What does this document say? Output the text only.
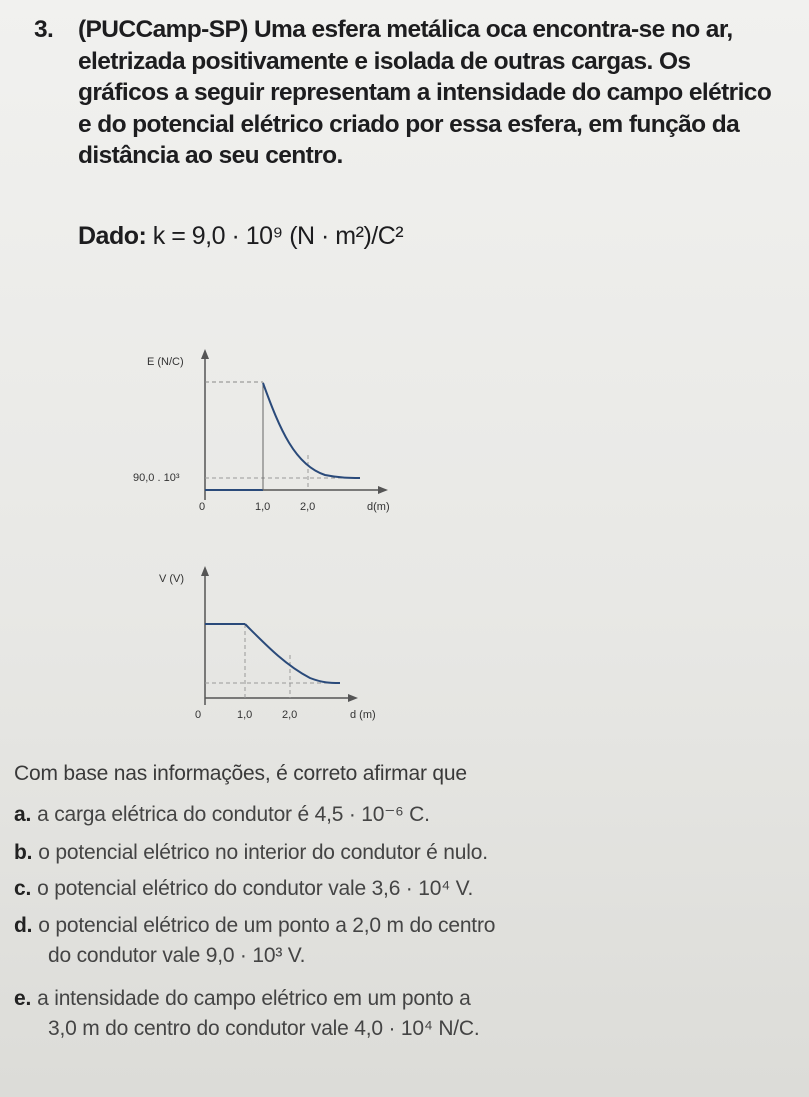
3.	(PUCCamp-SP) Uma esfera metálica oca encontra-se no ar, eletrizada positivamente e isolada de outras cargas. Os gráficos a seguir representam a intensidade do campo elétrico e do potencial elétrico criado por essa esfera, em função da distância ao seu centro.
Dado: k = 9,0 · 10⁹ (N · m²)/C²
E (N/C)
90,0 . 10³
0	1,0	2,0	d(m)
V (V)
0	1,0	2,0	d (m)
Com base nas informações, é correto afirmar que
a. a carga elétrica do condutor é 4,5 · 10⁻⁶ C.
b. o potencial elétrico no interior do condutor é nulo.
c. o potencial elétrico do condutor vale 3,6 · 10⁴ V.
d. o potencial elétrico de um ponto a 2,0 m do centro
do condutor vale 9,0 · 10³ V.
e. a intensidade do campo elétrico em um ponto a
3,0 m do centro do condutor vale 4,0 · 10⁴ N/C.
